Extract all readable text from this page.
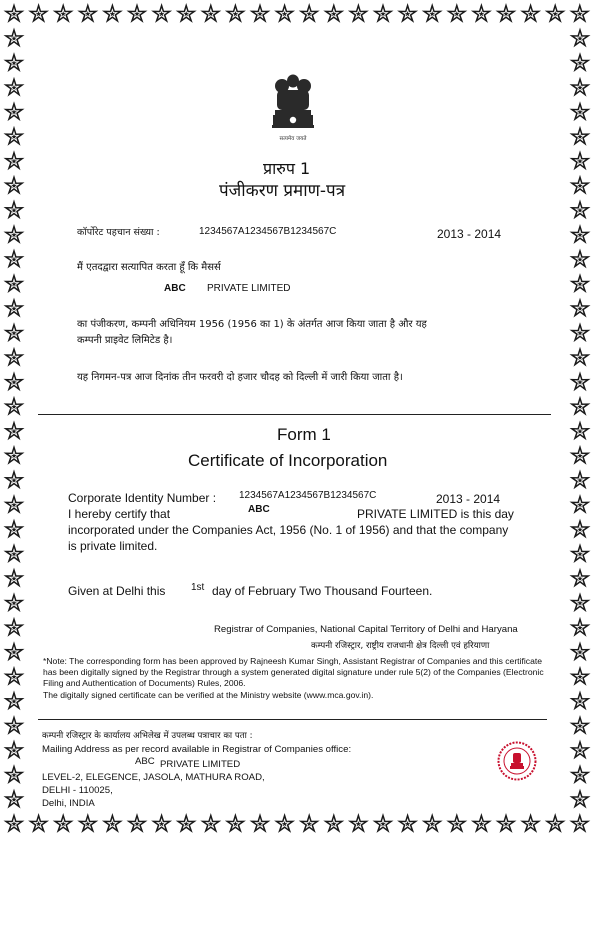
सत्यमेव जयते
प्रारुप 1
पंजीकरण प्रमाण-पत्र
कॉर्पोरेट पहचान संख्या :	1234567A1234567B1234567C	2013 - 2014
मैं एतदद्वारा सत्यापित करता हूँ कि मैसर्स
ABC PRIVATE LIMITED
का पंजीकरण, कम्पनी अधिनियम 1956 (1956 का 1) के अंतर्गत आज किया जाता है और यह
कम्पनी प्राइवेट लिमिटेड है।
यह निगमन-पत्र आज दिनांक तीन फरवरी दो हजार चौदह को दिल्ली में जारी किया जाता है।
Form 1
Certificate of Incorporation
Corporate Identity Number : 1234567A1234567B1234567C	2013 - 2014
I hereby certify that	ABC	PRIVATE LIMITED is this day
incorporated under the Companies Act, 1956 (No. 1 of 1956) and that the company
is private limited.
Given at Delhi this	1st day of February Two Thousand Fourteen.
Registrar of Companies, National Capital Territory of Delhi and Haryana
कम्पनी रजिस्ट्रार, राष्ट्रीय राजधानी क्षेत्र दिल्ली एवं हरियाणा
*Note: The corresponding form has been approved by Rajneesh Kumar Singh, Assistant Registrar of Companies and this certificate has been digitally signed by the Registrar through a system generated digital signature under rule 5(2) of the Companies (Electronic Filing and Authentication of Documents) Rules, 2006.
The digitally signed certificate can be verified at the Ministry website (www.mca.gov.in).
कम्पनी रजिस्ट्रार के कार्यालय अभिलेख में उपलब्ध पत्राचार का पता :
Mailing Address as per record available in Registrar of Companies office:
ABC PRIVATE LIMITED
LEVEL-2, ELEGENCE, JASOLA, MATHURA ROAD,
DELHI - 110025,
Delhi, INDIA
